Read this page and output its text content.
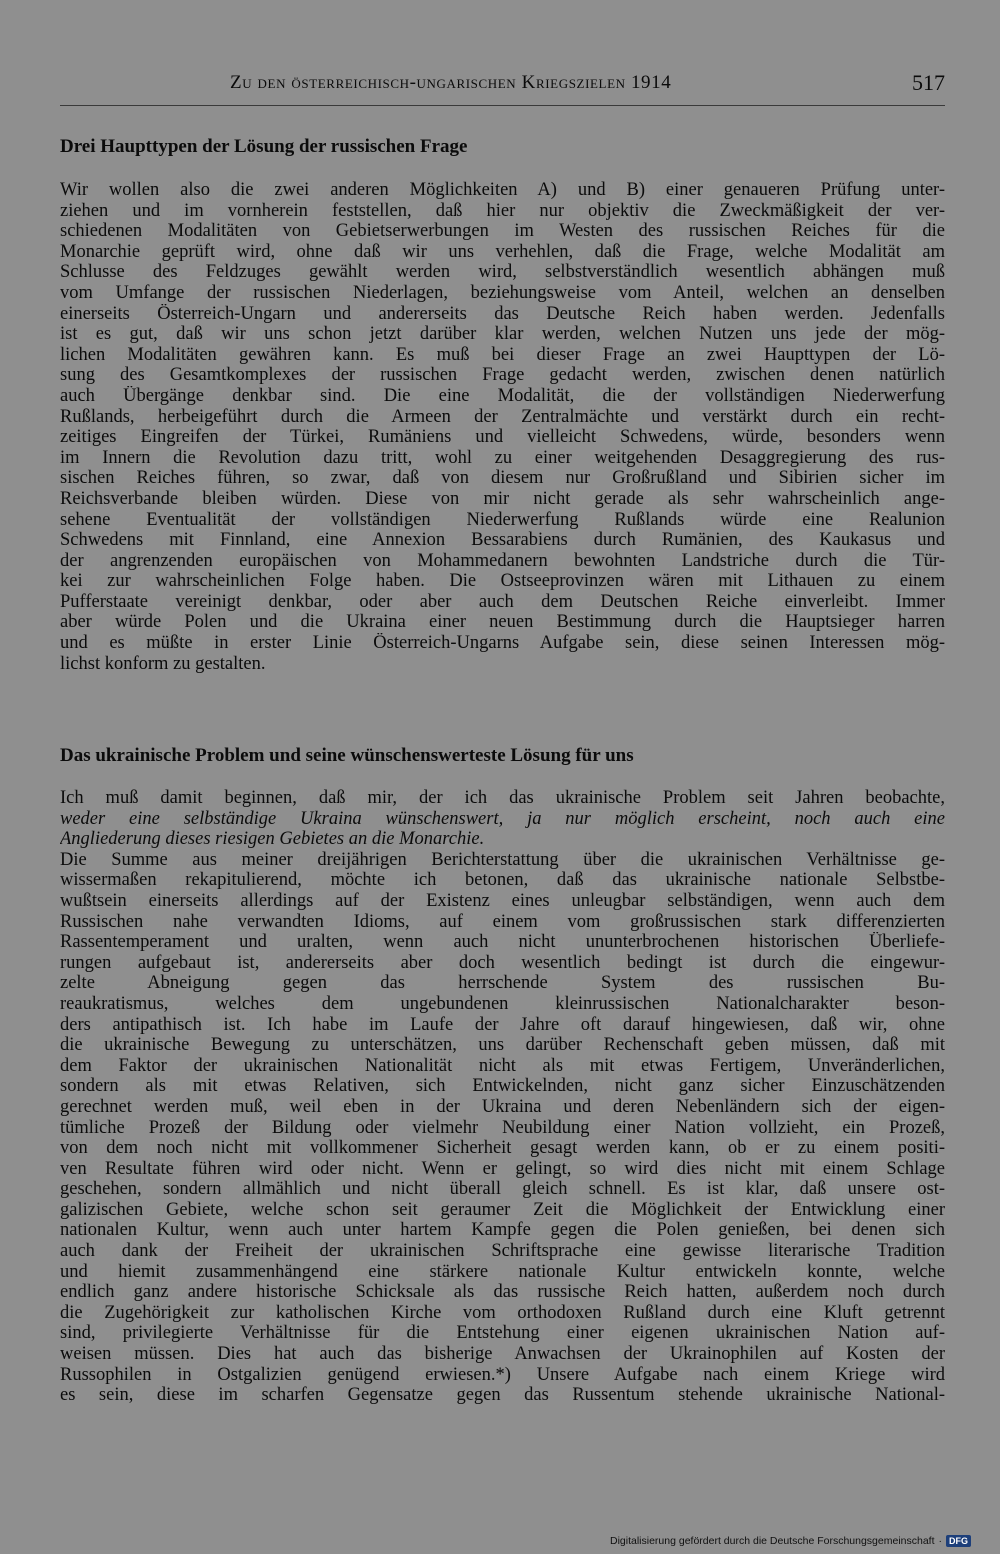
Zu den österreichisch-ungarischen Kriegszielen 1914	517
Drei Haupttypen der Lösung der russischen Frage
Wir wollen also die zwei anderen Möglichkeiten A) und B) einer genaueren Prüfung unter-
ziehen und im vornherein feststellen, daß hier nur objektiv die Zweckmäßigkeit der ver-
schiedenen Modalitäten von Gebietserwerbungen im Westen des russischen Reiches für die
Monarchie geprüft wird, ohne daß wir uns verhehlen, daß die Frage, welche Modalität am
Schlusse des Feldzuges gewählt werden wird, selbstverständlich wesentlich abhängen muß
vom Umfange der russischen Niederlagen, beziehungsweise vom Anteil, welchen an denselben
einerseits Österreich-Ungarn und andererseits das Deutsche Reich haben werden. Jedenfalls
ist es gut, daß wir uns schon jetzt darüber klar werden, welchen Nutzen uns jede der mög-
lichen Modalitäten gewähren kann. Es muß bei dieser Frage an zwei Haupttypen der Lö-
sung des Gesamtkomplexes der russischen Frage gedacht werden, zwischen denen natürlich
auch Übergänge denkbar sind. Die eine Modalität, die der vollständigen Niederwerfung
Rußlands, herbeigeführt durch die Armeen der Zentralmächte und verstärkt durch ein recht-
zeitiges Eingreifen der Türkei, Rumäniens und vielleicht Schwedens, würde, besonders wenn
im Innern die Revolution dazu tritt, wohl zu einer weitgehenden Desaggregierung des rus-
sischen Reiches führen, so zwar, daß von diesem nur Großrußland und Sibirien sicher im
Reichsverbande bleiben würden. Diese von mir nicht gerade als sehr wahrscheinlich ange-
sehene Eventualität der vollständigen Niederwerfung Rußlands würde eine Realunion
Schwedens mit Finnland, eine Annexion Bessarabiens durch Rumänien, des Kaukasus und
der angrenzenden europäischen von Mohammedanern bewohnten Landstriche durch die Tür-
kei zur wahrscheinlichen Folge haben. Die Ostseeprovinzen wären mit Lithauen zu einem
Pufferstaate vereinigt denkbar, oder aber auch dem Deutschen Reiche einverleibt. Immer
aber würde Polen und die Ukraina einer neuen Bestimmung durch die Hauptsieger harren
und es müßte in erster Linie Österreich-Ungarns Aufgabe sein, diese seinen Interessen mög-
lichst konform zu gestalten.
Das ukrainische Problem und seine wünschenswerteste Lösung für uns
Ich muß damit beginnen, daß mir, der ich das ukrainische Problem seit Jahren beobachte,
weder eine selbständige Ukraina wünschenswert, ja nur möglich erscheint, noch auch eine
Angliederung dieses riesigen Gebietes an die Monarchie.
Die Summe aus meiner dreijährigen Berichterstattung über die ukrainischen Verhältnisse ge-
wissermaßen rekapitulierend, möchte ich betonen, daß das ukrainische nationale Selbstbe-
wußtsein einerseits allerdings auf der Existenz eines unleugbar selbständigen, wenn auch dem
Russischen nahe verwandten Idioms, auf einem vom großrussischen stark differenzierten
Rassentemperament und uralten, wenn auch nicht ununterbrochenen historischen Überliefe-
rungen aufgebaut ist, andererseits aber doch wesentlich bedingt ist durch die eingewur-
zelte Abneigung gegen das herrschende System des russischen Bu-
reaukratismus, welches dem ungebundenen kleinrussischen Nationalcharakter beson-
ders antipathisch ist. Ich habe im Laufe der Jahre oft darauf hingewiesen, daß wir, ohne
die ukrainische Bewegung zu unterschätzen, uns darüber Rechenschaft geben müssen, daß mit
dem Faktor der ukrainischen Nationalität nicht als mit etwas Fertigem, Unveränderlichen,
sondern als mit etwas Relativen, sich Entwickelnden, nicht ganz sicher Einzuschätzenden
gerechnet werden muß, weil eben in der Ukraina und deren Nebenländern sich der eigen-
tümliche Prozeß der Bildung oder vielmehr Neubildung einer Nation vollzieht, ein Prozeß,
von dem noch nicht mit vollkommener Sicherheit gesagt werden kann, ob er zu einem positi-
ven Resultate führen wird oder nicht. Wenn er gelingt, so wird dies nicht mit einem Schlage
geschehen, sondern allmählich und nicht überall gleich schnell. Es ist klar, daß unsere ost-
galizischen Gebiete, welche schon seit geraumer Zeit die Möglichkeit der Entwicklung einer
nationalen Kultur, wenn auch unter hartem Kampfe gegen die Polen genießen, bei denen sich
auch dank der Freiheit der ukrainischen Schriftsprache eine gewisse literarische Tradition
und hiemit zusammenhängend eine stärkere nationale Kultur entwickeln konnte, welche
endlich ganz andere historische Schicksale als das russische Reich hatten, außerdem noch durch
die Zugehörigkeit zur katholischen Kirche vom orthodoxen Rußland durch eine Kluft getrennt
sind, privilegierte Verhältnisse für die Entstehung einer eigenen ukrainischen Nation auf-
weisen müssen. Dies hat auch das bisherige Anwachsen der Ukrainophilen auf Kosten der
Russophilen in Ostgalizien genügend erwiesen.*) Unsere Aufgabe nach einem Kriege wird
es sein, diese im scharfen Gegensatze gegen das Russentum stehende ukrainische National-
Digitalisierung gefördert durch die Deutsche Forschungsgemeinschaft · DFG
